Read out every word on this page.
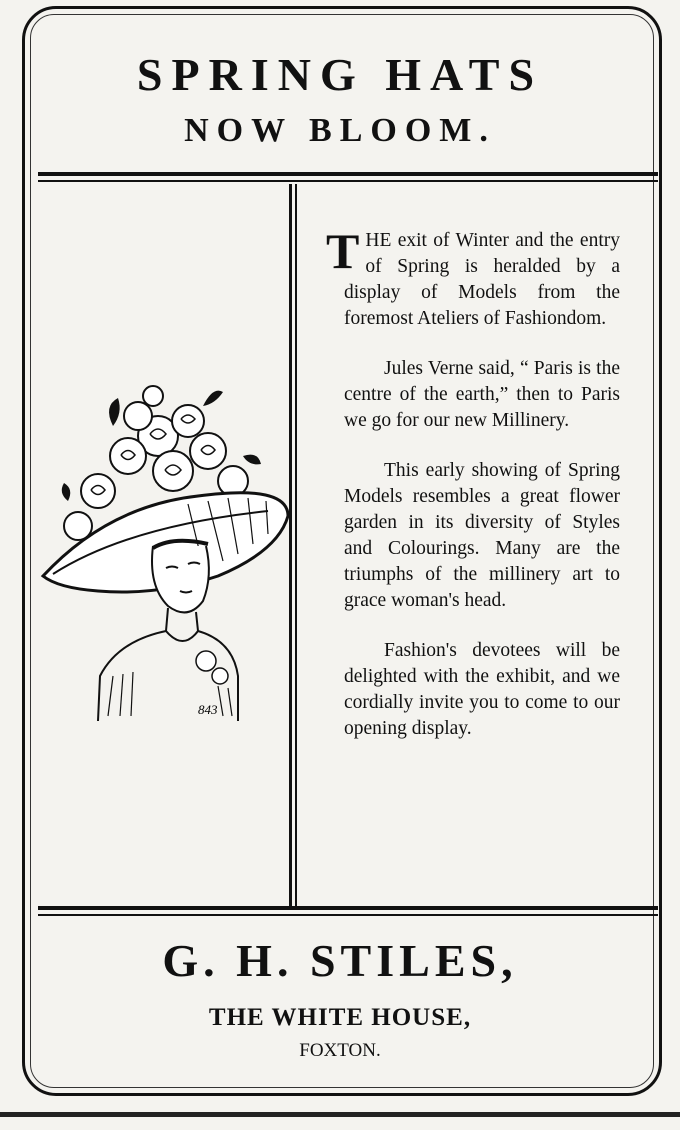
SPRING HATS
NOW BLOOM.
843

THE exit of Winter and the entry of Spring is heralded by a display of Models from the foremost Ateliers of Fashiondom.

Jules Verne said, “ Paris is the centre of the earth,” then to Paris we go for our new Millinery.

This early showing of Spring Models resembles a great flower garden in its diversity of Styles and Colourings. Many are the triumphs of the millinery art to grace woman's head.

Fashion's devotees will be delighted with the exhibit, and we cordially invite you to come to our opening display.

G. H. STILES,
THE WHITE HOUSE,

FOXTON.
